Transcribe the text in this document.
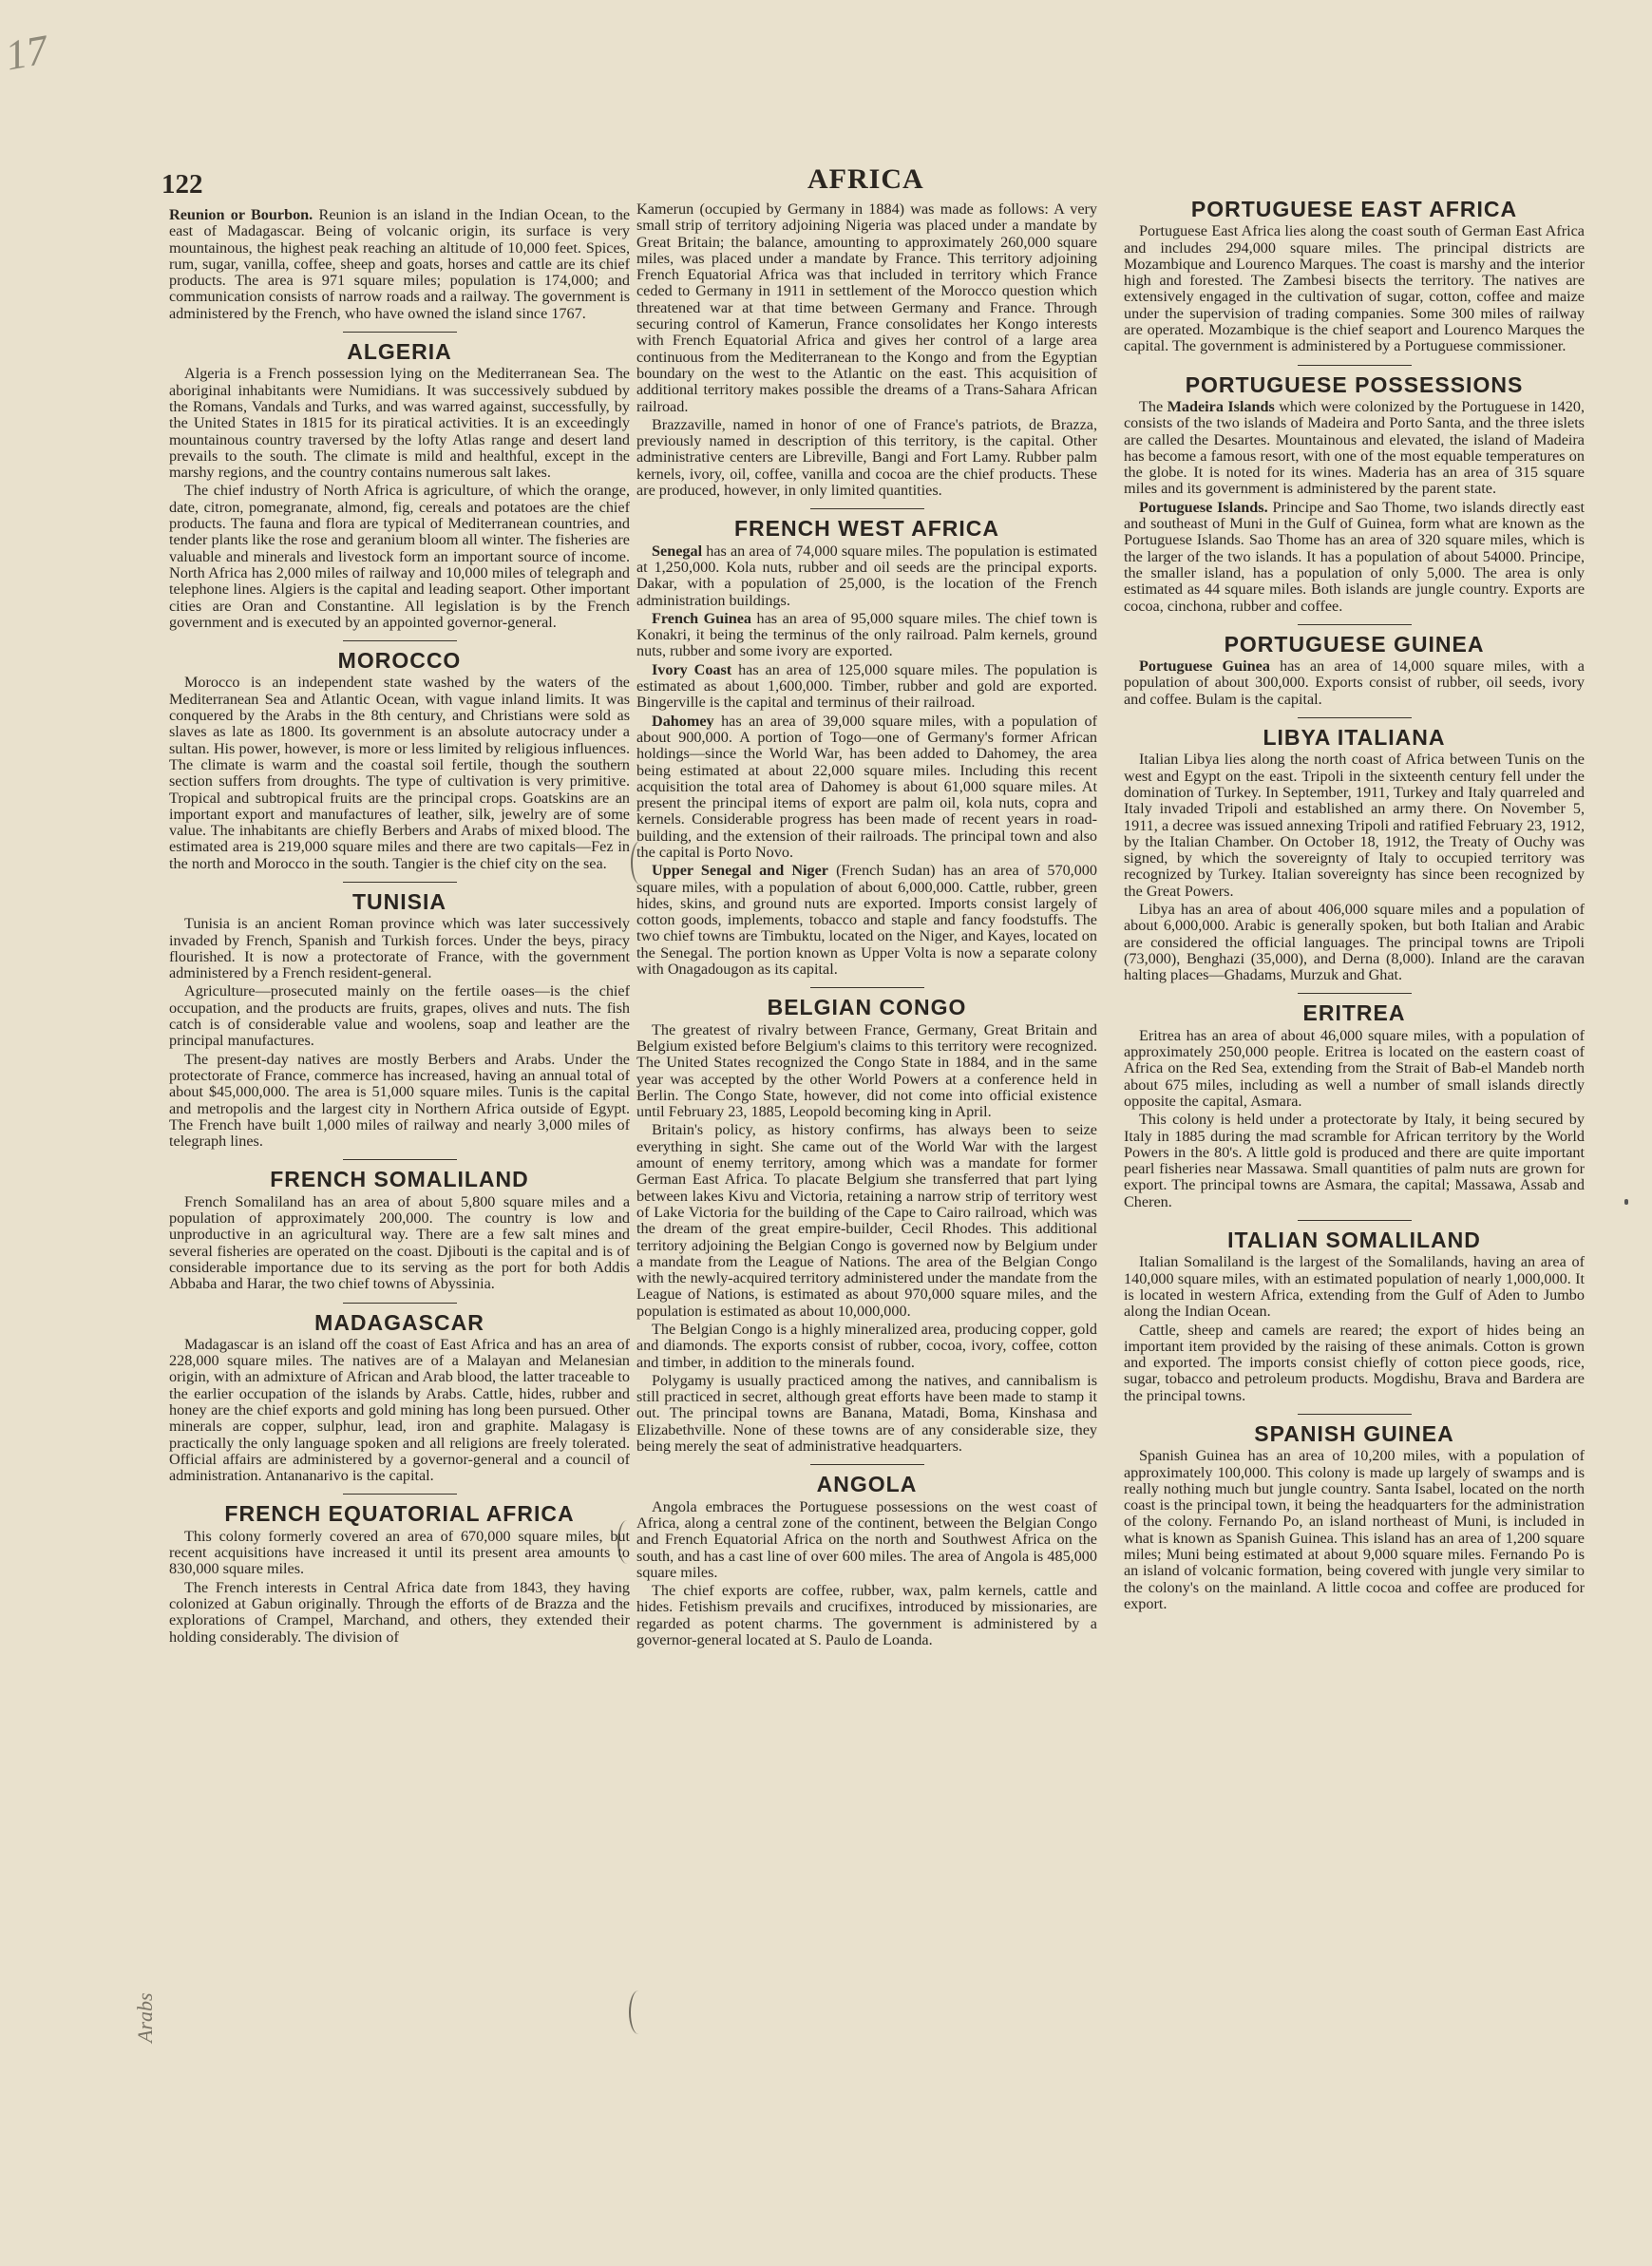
17
122	AFRICA
Arabs

Reunion or Bourbon. Reunion is an island in the Indian Ocean, to the east of Madagascar. Being of volcanic origin, its surface is very mountainous, the highest peak reaching an altitude of 10,000 feet. Spices, rum, sugar, vanilla, coffee, sheep and goats, horses and cattle are its chief products. The area is 971 square miles; population is 174,000; and communication consists of narrow roads and a railway. The government is administered by the French, who have owned the island since 1767.

ALGERIA

Algeria is a French possession lying on the Mediterranean Sea. The aboriginal inhabitants were Numidians. It was successively subdued by the Romans, Vandals and Turks, and was warred against, successfully, by the United States in 1815 for its piratical activities. It is an exceedingly mountainous country traversed by the lofty Atlas range and desert land prevails to the south. The climate is mild and healthful, except in the marshy regions, and the country contains numerous salt lakes.

The chief industry of North Africa is agriculture, of which the orange, date, citron, pomegranate, almond, fig, cereals and potatoes are the chief products. The fauna and flora are typical of Mediterranean countries, and tender plants like the rose and geranium bloom all winter. The fisheries are valuable and minerals and livestock form an important source of income. North Africa has 2,000 miles of railway and 10,000 miles of telegraph and telephone lines. Algiers is the capital and leading seaport. Other important cities are Oran and Constantine. All legislation is by the French government and is executed by an appointed governor-general.

MOROCCO

Morocco is an independent state washed by the waters of the Mediterranean Sea and Atlantic Ocean, with vague inland limits. It was conquered by the Arabs in the 8th century, and Christians were sold as slaves as late as 1800. Its government is an absolute autocracy under a sultan. His power, however, is more or less limited by religious influences. The climate is warm and the coastal soil fertile, though the southern section suffers from droughts. The type of cultivation is very primitive. Tropical and subtropical fruits are the principal crops. Goatskins are an important export and manufactures of leather, silk, jewelry are of some value. The inhabitants are chiefly Berbers and Arabs of mixed blood. The estimated area is 219,000 square miles and there are two capitals—Fez in the north and Morocco in the south. Tangier is the chief city on the sea.

TUNISIA

Tunisia is an ancient Roman province which was later successively invaded by French, Spanish and Turkish forces. Under the beys, piracy flourished. It is now a protectorate of France, with the government administered by a French resident-general.

Agriculture—prosecuted mainly on the fertile oases—is the chief occupation, and the products are fruits, grapes, olives and nuts. The fish catch is of considerable value and woolens, soap and leather are the principal manufactures.

The present-day natives are mostly Berbers and Arabs. Under the protectorate of France, commerce has increased, having an annual total of about $45,000,000. The area is 51,000 square miles. Tunis is the capital and metropolis and the largest city in Northern Africa outside of Egypt. The French have built 1,000 miles of railway and nearly 3,000 miles of telegraph lines.

FRENCH SOMALILAND

French Somaliland has an area of about 5,800 square miles and a population of approximately 200,000. The country is low and unproductive in an agricultural way. There are a few salt mines and several fisheries are operated on the coast. Djibouti is the capital and is of considerable importance due to its serving as the port for both Addis Abbaba and Harar, the two chief towns of Abyssinia.

MADAGASCAR

Madagascar is an island off the coast of East Africa and has an area of 228,000 square miles. The natives are of a Malayan and Melanesian origin, with an admixture of African and Arab blood, the latter traceable to the earlier occupation of the islands by Arabs. Cattle, hides, rubber and honey are the chief exports and gold mining has long been pursued. Other minerals are copper, sulphur, lead, iron and graphite. Malagasy is practically the only language spoken and all religions are freely tolerated. Official affairs are administered by a governor-general and a council of administration. Antananarivo is the capital.

FRENCH EQUATORIAL AFRICA

This colony formerly covered an area of 670,000 square miles, but recent acquisitions have increased it until its present area amounts to 830,000 square miles.

The French interests in Central Africa date from 1843, they having colonized at Gabun originally. Through the efforts of de Brazza and the explorations of Crampel, Marchand, and others, they extended their holding considerably. The division of

Kamerun (occupied by Germany in 1884) was made as follows: A very small strip of territory adjoining Nigeria was placed under a mandate by Great Britain; the balance, amounting to approximately 260,000 square miles, was placed under a mandate by France. This territory adjoining French Equatorial Africa was that included in territory which France ceded to Germany in 1911 in settlement of the Morocco question which threatened war at that time between Germany and France. Through securing control of Kamerun, France consolidates her Kongo interests with French Equatorial Africa and gives her control of a large area continuous from the Mediterranean to the Kongo and from the Egyptian boundary on the west to the Atlantic on the east. This acquisition of additional territory makes possible the dreams of a Trans-Sahara African railroad.

Brazzaville, named in honor of one of France's patriots, de Brazza, previously named in description of this territory, is the capital. Other administrative centers are Libreville, Bangi and Fort Lamy. Rubber palm kernels, ivory, oil, coffee, vanilla and cocoa are the chief products. These are produced, however, in only limited quantities.

FRENCH WEST AFRICA

Senegal has an area of 74,000 square miles. The population is estimated at 1,250,000. Kola nuts, rubber and oil seeds are the principal exports. Dakar, with a population of 25,000, is the location of the French administration buildings.

French Guinea has an area of 95,000 square miles. The chief town is Konakri, it being the terminus of the only railroad. Palm kernels, ground nuts, rubber and some ivory are exported.

Ivory Coast has an area of 125,000 square miles. The population is estimated as about 1,600,000. Timber, rubber and gold are exported. Bingerville is the capital and terminus of their railroad.

Dahomey has an area of 39,000 square miles, with a population of about 900,000. A portion of Togo—one of Germany's former African holdings—since the World War, has been added to Dahomey, the area being estimated at about 22,000 square miles. Including this recent acquisition the total area of Dahomey is about 61,000 square miles. At present the principal items of export are palm oil, kola nuts, copra and kernels. Considerable progress has been made of recent years in road-building, and the extension of their railroads. The principal town and also the capital is Porto Novo.

Upper Senegal and Niger (French Sudan) has an area of 570,000 square miles, with a population of about 6,000,000. Cattle, rubber, green hides, skins, and ground nuts are exported. Imports consist largely of cotton goods, implements, tobacco and staple and fancy foodstuffs. The two chief towns are Timbuktu, located on the Niger, and Kayes, located on the Senegal. The portion known as Upper Volta is now a separate colony with Onagadougon as its capital.

BELGIAN CONGO

The greatest of rivalry between France, Germany, Great Britain and Belgium existed before Belgium's claims to this territory were recognized. The United States recognized the Congo State in 1884, and in the same year was accepted by the other World Powers at a conference held in Berlin. The Congo State, however, did not come into official existence until February 23, 1885, Leopold becoming king in April.

Britain's policy, as history confirms, has always been to seize everything in sight. She came out of the World War with the largest amount of enemy territory, among which was a mandate for former German East Africa. To placate Belgium she transferred that part lying between lakes Kivu and Victoria, retaining a narrow strip of territory west of Lake Victoria for the building of the Cape to Cairo railroad, which was the dream of the great empire-builder, Cecil Rhodes. This additional territory adjoining the Belgian Congo is governed now by Belgium under a mandate from the League of Nations. The area of the Belgian Congo with the newly-acquired territory administered under the mandate from the League of Nations, is estimated as about 970,000 square miles, and the population is estimated as about 10,000,000.

The Belgian Congo is a highly mineralized area, producing copper, gold and diamonds. The exports consist of rubber, cocoa, ivory, coffee, cotton and timber, in addition to the minerals found.

Polygamy is usually practiced among the natives, and cannibalism is still practiced in secret, although great efforts have been made to stamp it out. The principal towns are Banana, Matadi, Boma, Kinshasa and Elizabethville. None of these towns are of any considerable size, they being merely the seat of administrative headquarters.

ANGOLA

Angola embraces the Portuguese possessions on the west coast of Africa, along a central zone of the continent, between the Belgian Congo and French Equatorial Africa on the north and Southwest Africa on the south, and has a cast line of over 600 miles. The area of Angola is 485,000 square miles.

The chief exports are coffee, rubber, wax, palm kernels, cattle and hides. Fetishism prevails and crucifixes, introduced by missionaries, are regarded as potent charms. The government is administered by a governor-general located at S. Paulo de Loanda.

PORTUGUESE EAST AFRICA

Portuguese East Africa lies along the coast south of German East Africa and includes 294,000 square miles. The principal districts are Mozambique and Lourenco Marques. The coast is marshy and the interior high and forested. The Zambesi bisects the territory. The natives are extensively engaged in the cultivation of sugar, cotton, coffee and maize under the supervision of trading companies. Some 300 miles of railway are operated. Mozambique is the chief seaport and Lourenco Marques the capital. The government is administered by a Portuguese commissioner.

PORTUGUESE POSSESSIONS

The Madeira Islands which were colonized by the Portuguese in 1420, consists of the two islands of Madeira and Porto Santa, and the three islets are called the Desartes. Mountainous and elevated, the island of Madeira has become a famous resort, with one of the most equable temperatures on the globe. It is noted for its wines. Maderia has an area of 315 square miles and its government is administered by the parent state.

Portuguese Islands. Principe and Sao Thome, two islands directly east and southeast of Muni in the Gulf of Guinea, form what are known as the Portuguese Islands. Sao Thome has an area of 320 square miles, which is the larger of the two islands. It has a population of about 54000. Principe, the smaller island, has a population of only 5,000. The area is only estimated as 44 square miles. Both islands are jungle country. Exports are cocoa, cinchona, rubber and coffee.

PORTUGUESE GUINEA

Portuguese Guinea has an area of 14,000 square miles, with a population of about 300,000. Exports consist of rubber, oil seeds, ivory and coffee. Bulam is the capital.

LIBYA ITALIANA

Italian Libya lies along the north coast of Africa between Tunis on the west and Egypt on the east. Tripoli in the sixteenth century fell under the domination of Turkey. In September, 1911, Turkey and Italy quarreled and Italy invaded Tripoli and established an army there. On November 5, 1911, a decree was issued annexing Tripoli and ratified February 23, 1912, by the Italian Chamber. On October 18, 1912, the Treaty of Ouchy was signed, by which the sovereignty of Italy to occupied territory was recognized by Turkey. Italian sovereignty has since been recognized by the Great Powers.

Libya has an area of about 406,000 square miles and a population of about 6,000,000. Arabic is generally spoken, but both Italian and Arabic are considered the official languages. The principal towns are Tripoli (73,000), Benghazi (35,000), and Derna (8,000). Inland are the caravan halting places—Ghadams, Murzuk and Ghat.

ERITREA

Eritrea has an area of about 46,000 square miles, with a population of approximately 250,000 people. Eritrea is located on the eastern coast of Africa on the Red Sea, extending from the Strait of Bab-el Mandeb north about 675 miles, including as well a number of small islands directly opposite the capital, Asmara.

This colony is held under a protectorate by Italy, it being secured by Italy in 1885 during the mad scramble for African territory by the World Powers in the 80's. A little gold is produced and there are quite important pearl fisheries near Massawa. Small quantities of palm nuts are grown for export. The principal towns are Asmara, the capital; Massawa, Assab and Cheren.

ITALIAN SOMALILAND

Italian Somaliland is the largest of the Somalilands, having an area of 140,000 square miles, with an estimated population of nearly 1,000,000. It is located in western Africa, extending from the Gulf of Aden to Jumbo along the Indian Ocean.

Cattle, sheep and camels are reared; the export of hides being an important item provided by the raising of these animals. Cotton is grown and exported. The imports consist chiefly of cotton piece goods, rice, sugar, tobacco and petroleum products. Mogdishu, Brava and Bardera are the principal towns.

SPANISH GUINEA

Spanish Guinea has an area of 10,200 miles, with a population of approximately 100,000. This colony is made up largely of swamps and is really nothing much but jungle country. Santa Isabel, located on the north coast is the principal town, it being the headquarters for the administration of the colony. Fernando Po, an island northeast of Muni, is included in what is known as Spanish Guinea. This island has an area of 1,200 square miles; Muni being estimated at about 9,000 square miles. Fernando Po is an island of volcanic formation, being covered with jungle very similar to the colony's on the mainland. A little cocoa and coffee are produced for export.
